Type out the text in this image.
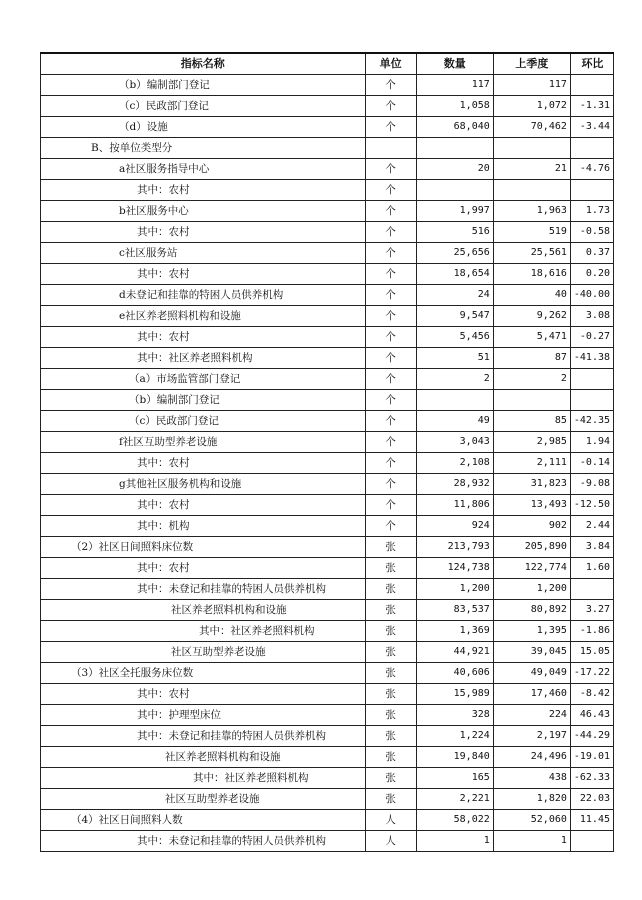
指标名称	单位	数量	上季度	环比
（b）编制部门登记	个	117	117	
（c）民政部门登记	个	1,058	1,072	-1.31
（d）设施	个	68,040	70,462	-3.44
B、按单位类型分				
a社区服务指导中心	个	20	21	-4.76
其中：农村	个			
b社区服务中心	个	1,997	1,963	1.73
其中：农村	个	516	519	-0.58
c社区服务站	个	25,656	25,561	0.37
其中：农村	个	18,654	18,616	0.20
d未登记和挂靠的特困人员供养机构	个	24	40	-40.00
e社区养老照料机构和设施	个	9,547	9,262	3.08
其中：农村	个	5,456	5,471	-0.27
其中：社区养老照料机构	个	51	87	-41.38
（a）市场监管部门登记	个	2	2	
（b）编制部门登记	个			
（c）民政部门登记	个	49	85	-42.35
f社区互助型养老设施	个	3,043	2,985	1.94
其中：农村	个	2,108	2,111	-0.14
g其他社区服务机构和设施	个	28,932	31,823	-9.08
其中：农村	个	11,806	13,493	-12.50
其中：机构	个	924	902	2.44
（2）社区日间照料床位数	张	213,793	205,890	3.84
其中：农村	张	124,738	122,774	1.60
其中：未登记和挂靠的特困人员供养机构	张	1,200	1,200	
社区养老照料机构和设施	张	83,537	80,892	3.27
其中：社区养老照料机构	张	1,369	1,395	-1.86
社区互助型养老设施	张	44,921	39,045	15.05
（3）社区全托服务床位数	张	40,606	49,049	-17.22
其中：农村	张	15,989	17,460	-8.42
其中：护理型床位	张	328	224	46.43
其中：未登记和挂靠的特困人员供养机构	张	1,224	2,197	-44.29
社区养老照料机构和设施	张	19,840	24,496	-19.01
其中：社区养老照料机构	张	165	438	-62.33
社区互助型养老设施	张	2,221	1,820	22.03
（4）社区日间照料人数	人	58,022	52,060	11.45
其中：未登记和挂靠的特困人员供养机构	人	1	1	
